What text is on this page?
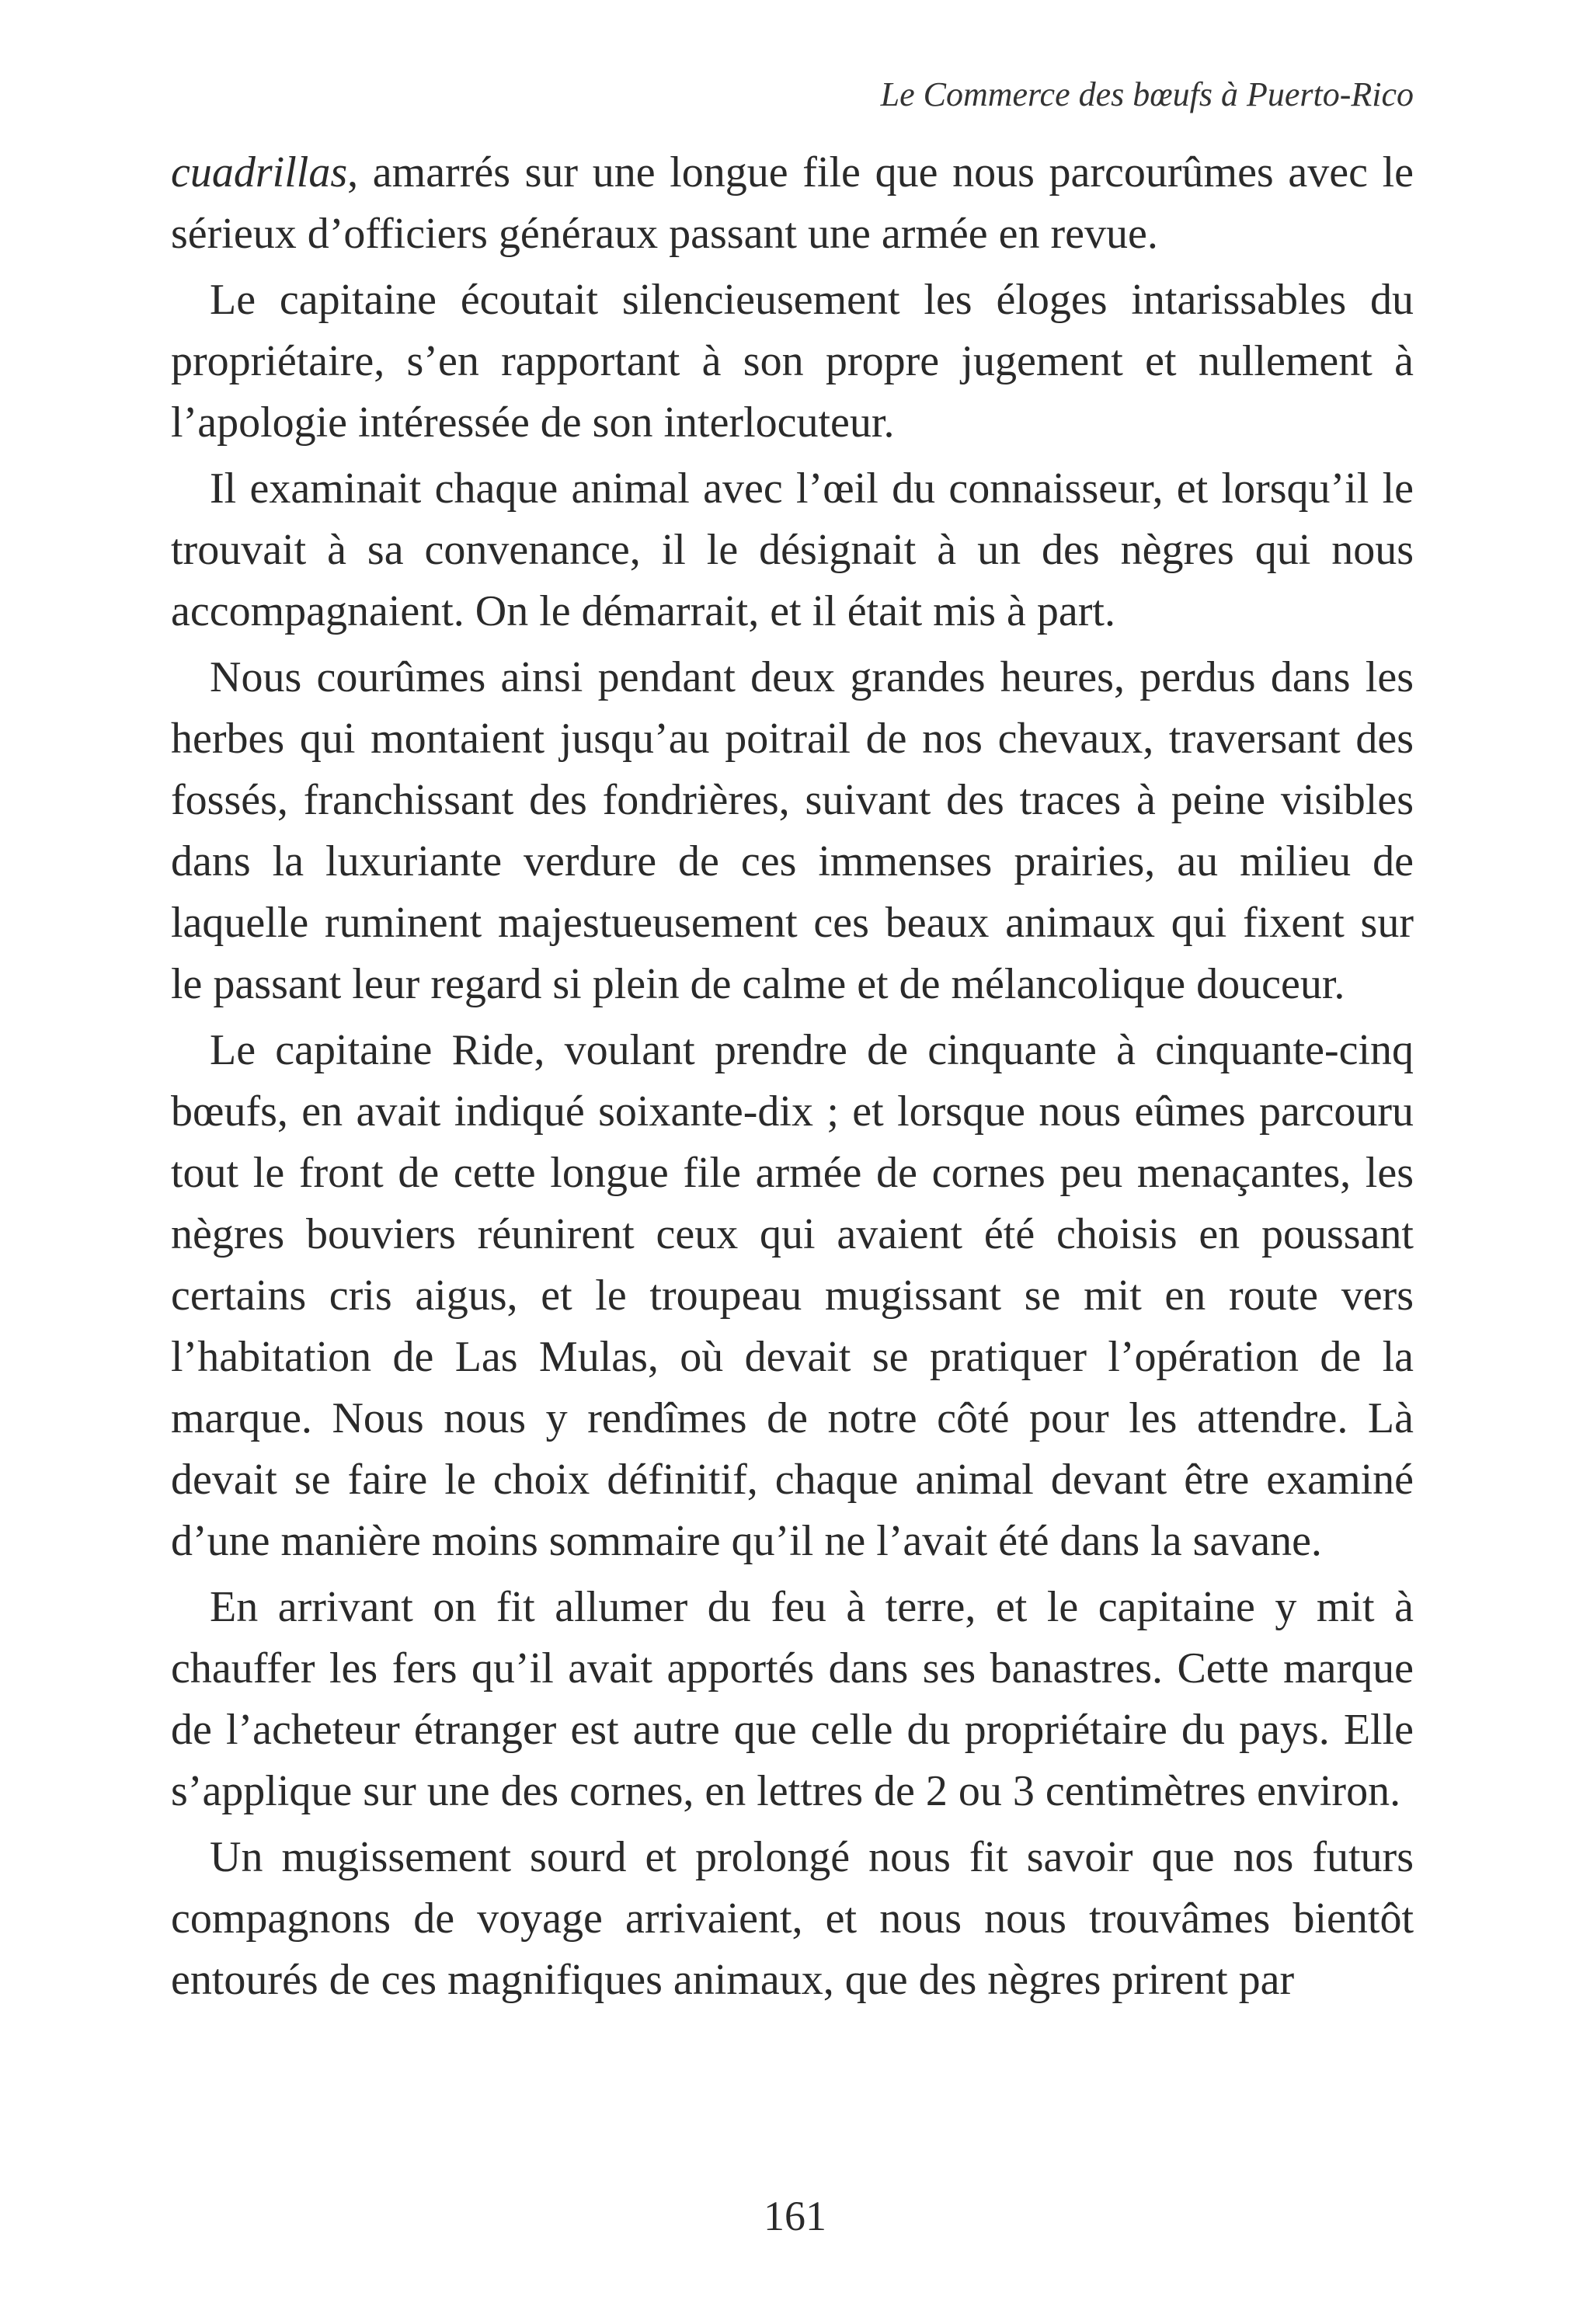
Le Commerce des bœufs à Puerto-Rico

cuadrillas, amarrés sur une longue file que nous parcourûmes avec le sérieux d’officiers généraux passant une armée en revue.

Le capitaine écoutait silencieusement les éloges intarissables du propriétaire, s’en rapportant à son propre jugement et nullement à l’apologie intéressée de son interlocuteur.

Il examinait chaque animal avec l’œil du connaisseur, et lorsqu’il le trouvait à sa convenance, il le désignait à un des nègres qui nous accompagnaient. On le démarrait, et il était mis à part.

Nous courûmes ainsi pendant deux grandes heures, perdus dans les herbes qui montaient jusqu’au poitrail de nos chevaux, traversant des fossés, franchissant des fondrières, suivant des traces à peine visibles dans la luxuriante verdure de ces immenses prairies, au milieu de laquelle ruminent majestueusement ces beaux animaux qui fixent sur le passant leur regard si plein de calme et de mélancolique douceur.

Le capitaine Ride, voulant prendre de cinquante à cinquante-cinq bœufs, en avait indiqué soixante-dix ; et lorsque nous eûmes parcouru tout le front de cette longue file armée de cornes peu menaçantes, les nègres bouviers réunirent ceux qui avaient été choisis en poussant certains cris aigus, et le troupeau mugissant se mit en route vers l’habitation de Las Mulas, où devait se pratiquer l’opération de la marque. Nous nous y rendîmes de notre côté pour les attendre. Là devait se faire le choix définitif, chaque animal devant être examiné d’une manière moins sommaire qu’il ne l’avait été dans la savane.

En arrivant on fit allumer du feu à terre, et le capitaine y mit à chauffer les fers qu’il avait apportés dans ses banastres. Cette marque de l’acheteur étranger est autre que celle du propriétaire du pays. Elle s’applique sur une des cornes, en lettres de 2 ou 3 centimètres environ.

Un mugissement sourd et prolongé nous fit savoir que nos futurs compagnons de voyage arrivaient, et nous nous trouvâmes bientôt entourés de ces magnifiques animaux, que des nègres prirent par

161
